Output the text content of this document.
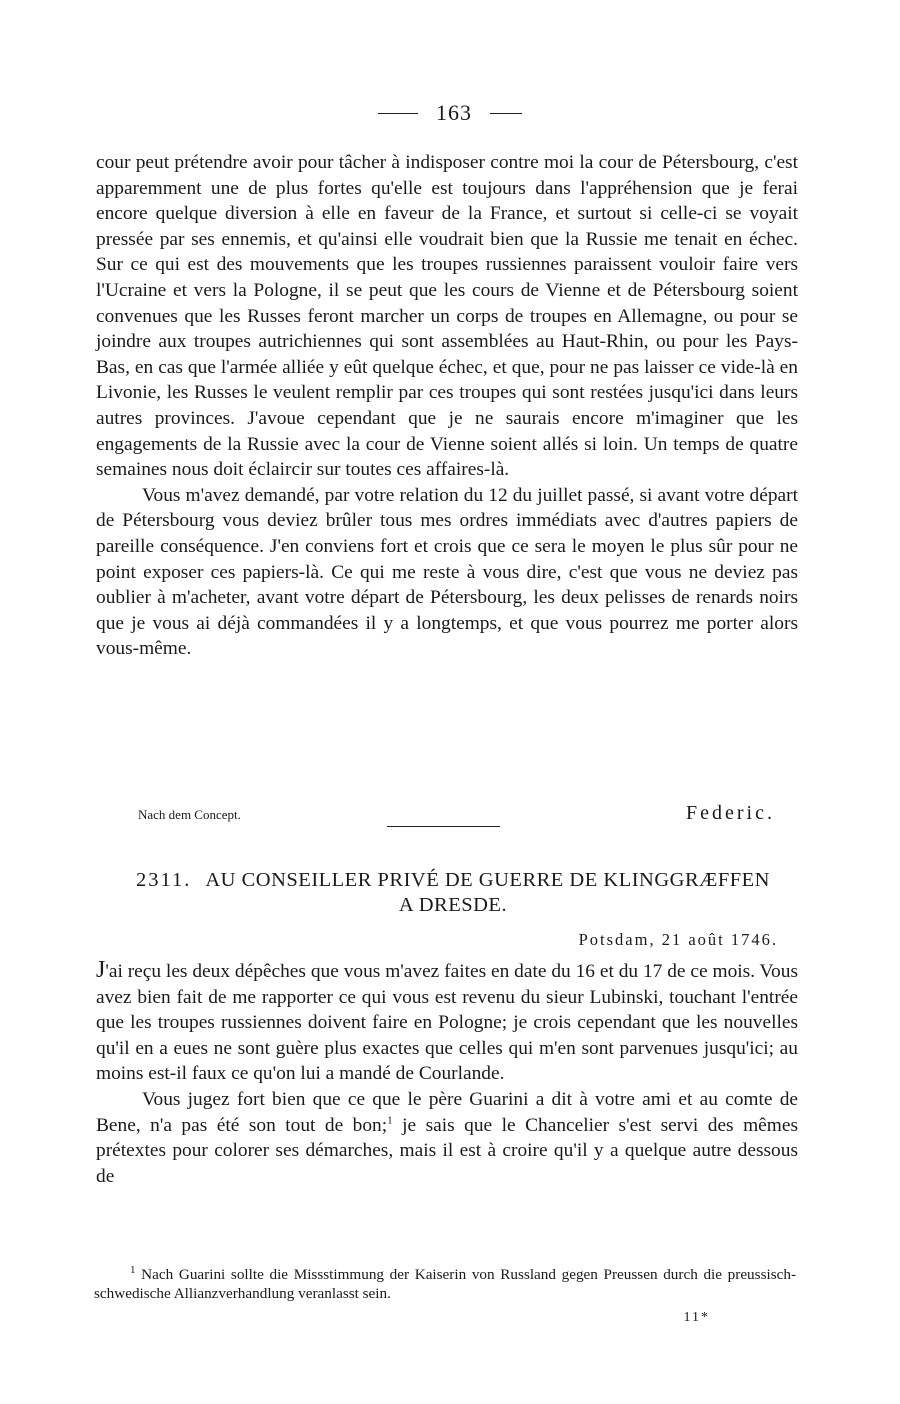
163

cour peut prétendre avoir pour tâcher à indisposer contre moi la cour de Pétersbourg, c'est apparemment une de plus fortes qu'elle est toujours dans l'appréhension que je ferai encore quelque diversion à elle en faveur de la France, et surtout si celle-ci se voyait pressée par ses ennemis, et qu'ainsi elle voudrait bien que la Russie me tenait en échec. Sur ce qui est des mouvements que les troupes russiennes paraissent vouloir faire vers l'Ucraine et vers la Pologne, il se peut que les cours de Vienne et de Pétersbourg soient convenues que les Russes feront marcher un corps de troupes en Allemagne, ou pour se joindre aux troupes autrichiennes qui sont assemblées au Haut-Rhin, ou pour les Pays-Bas, en cas que l'armée alliée y eût quelque échec, et que, pour ne pas laisser ce vide-là en Livonie, les Russes le veulent remplir par ces troupes qui sont restées jusqu'ici dans leurs autres provinces. J'avoue cependant que je ne saurais encore m'imaginer que les engagements de la Russie avec la cour de Vienne soient allés si loin. Un temps de quatre semaines nous doit éclaircir sur toutes ces affaires-là.

Vous m'avez demandé, par votre relation du 12 du juillet passé, si avant votre départ de Pétersbourg vous deviez brûler tous mes ordres immédiats avec d'autres papiers de pareille conséquence. J'en conviens fort et crois que ce sera le moyen le plus sûr pour ne point exposer ces papiers-là. Ce qui me reste à vous dire, c'est que vous ne deviez pas oublier à m'acheter, avant votre départ de Pétersbourg, les deux pelisses de renards noirs que je vous ai déjà commandées il y a longtemps, et que vous pourrez me porter alors vous-même.

Nach dem Concept.	Federic.
2311. AU CONSEILLER PRIVÉ DE GUERRE DE KLINGGRÆFFEN A DRESDE.
Potsdam, 21 août 1746.

J'ai reçu les deux dépêches que vous m'avez faites en date du 16 et du 17 de ce mois. Vous avez bien fait de me rapporter ce qui vous est revenu du sieur Lubinski, touchant l'entrée que les troupes russiennes doivent faire en Pologne; je crois cependant que les nouvelles qu'il en a eues ne sont guère plus exactes que celles qui m'en sont parvenues jusqu'ici; au moins est-il faux ce qu'on lui a mandé de Courlande.

Vous jugez fort bien que ce que le père Guarini a dit à votre ami et au comte de Bene, n'a pas été son tout de bon;$^1$ je sais que le Chancelier s'est servi des mêmes prétextes pour colorer ses démarches, mais il est à croire qu'il y a quelque autre dessous de

$^1$ Nach Guarini sollte die Missstimmung der Kaiserin von Russland gegen Preussen durch die preussisch-schwedische Allianzverhandlung veranlasst sein.

11*
